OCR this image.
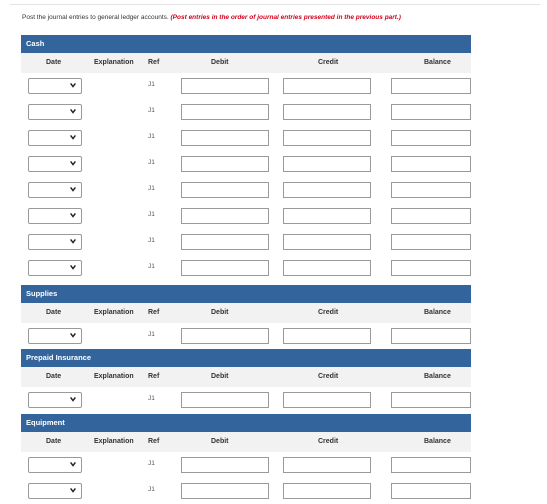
Post the journal entries to general ledger accounts. (Post entries in the order of journal entries presented in the previous part.)
Cash
Date	Explanation Ref	Debit	Credit	Balance
J1
J1
J1
J1
J1
J1
J1
J1
Supplies
Date	Explanation Ref	Debit	Credit	Balance
J1
Prepaid Insurance
Date	Explanation Ref	Debit	Credit	Balance
J1
Equipment
Date	Explanation Ref	Debit	Credit	Balance
J1
J1
